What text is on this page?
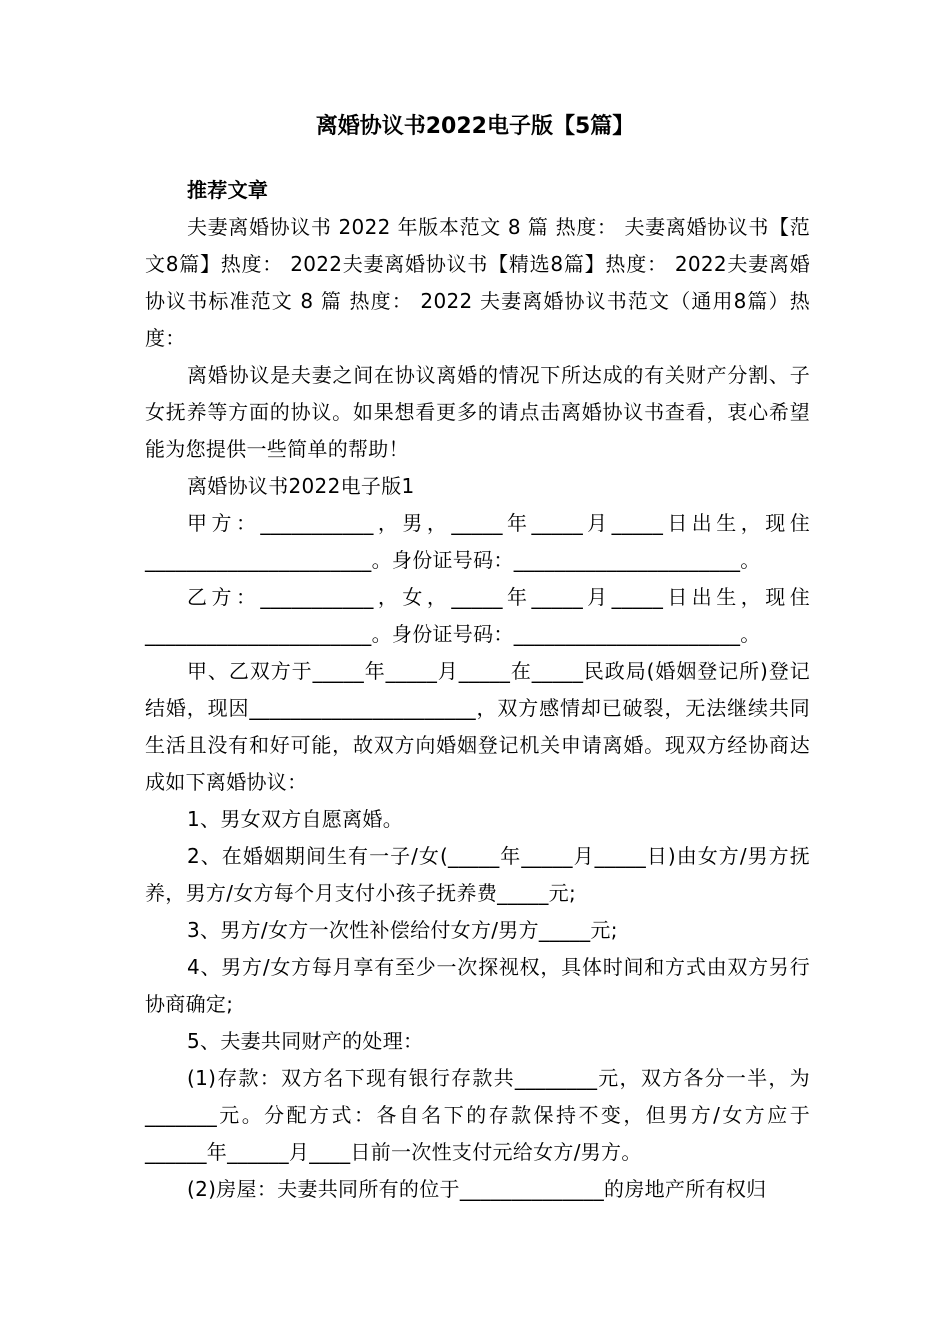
离婚协议书2022电子版【5篇】
推荐文章

夫妻离婚协议书 2022 年版本范文 8 篇 热度： 夫妻离婚协议书【范文8篇】热度： 2022夫妻离婚协议书【精选8篇】热度： 2022夫妻离婚协议书标准范文 8 篇 热度： 2022 夫妻离婚协议书范文（通用8篇）热度：

离婚协议是夫妻之间在协议离婚的情况下所达成的有关财产分割、子女抚养等方面的协议。如果想看更多的请点击离婚协议书查看，衷心希望能为您提供一些简单的帮助！

离婚协议书2022电子版1

甲方：___________，男，_____年_____月_____日出生，现住______________________。身份证号码：______________________。

乙方：___________，女，_____年_____月_____日出生，现住______________________。身份证号码：______________________。

甲、乙双方于_____年_____月_____在_____民政局(婚姻登记所)登记结婚，现因______________________，双方感情却已破裂，无法继续共同生活且没有和好可能，故双方向婚姻登记机关申请离婚。现双方经协商达成如下离婚协议：

1、男女双方自愿离婚。

2、在婚姻期间生有一子/女(_____年_____月_____日)由女方/男方抚养，男方/女方每个月支付小孩子抚养费_____元;

3、男方/女方一次性补偿给付女方/男方_____元;

4、男方/女方每月享有至少一次探视权，具体时间和方式由双方另行协商确定;

5、夫妻共同财产的处理：

(1)存款：双方名下现有银行存款共________元，双方各分一半，为_______元。分配方式：各自名下的存款保持不变，但男方/女方应于______年______月____日前一次性支付元给女方/男方。

(2)房屋：夫妻共同所有的位于______________的房地产所有权归
